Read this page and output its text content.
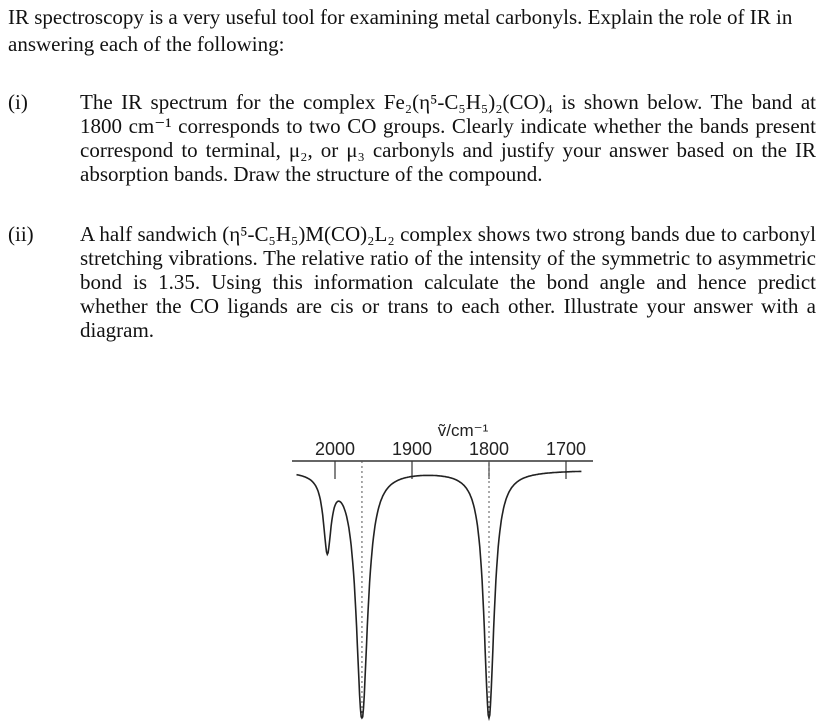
IR spectroscopy is a very useful tool for examining metal carbonyls. Explain the role of IR in answering each of the following:
(i) The IR spectrum for the complex Fe₂(η⁵-C₅H₅)₂(CO)₄ is shown below. The band at 1800 cm⁻¹ corresponds to two CO groups. Clearly indicate whether the bands present correspond to terminal, μ₂, or μ₃ carbonyls and justify your answer based on the IR absorption bands. Draw the structure of the compound.
(ii) A half sandwich (η⁵-C₅H₅)M(CO)₂L₂ complex shows two strong bands due to carbonyl stretching vibrations. The relative ratio of the intensity of the symmetric to asymmetric bond is 1.35. Using this information calculate the bond angle and hence predict whether the CO ligands are cis or trans to each other. Illustrate your answer with a diagram.
ṽ/cm⁻¹
2000 1900 1800 1700
